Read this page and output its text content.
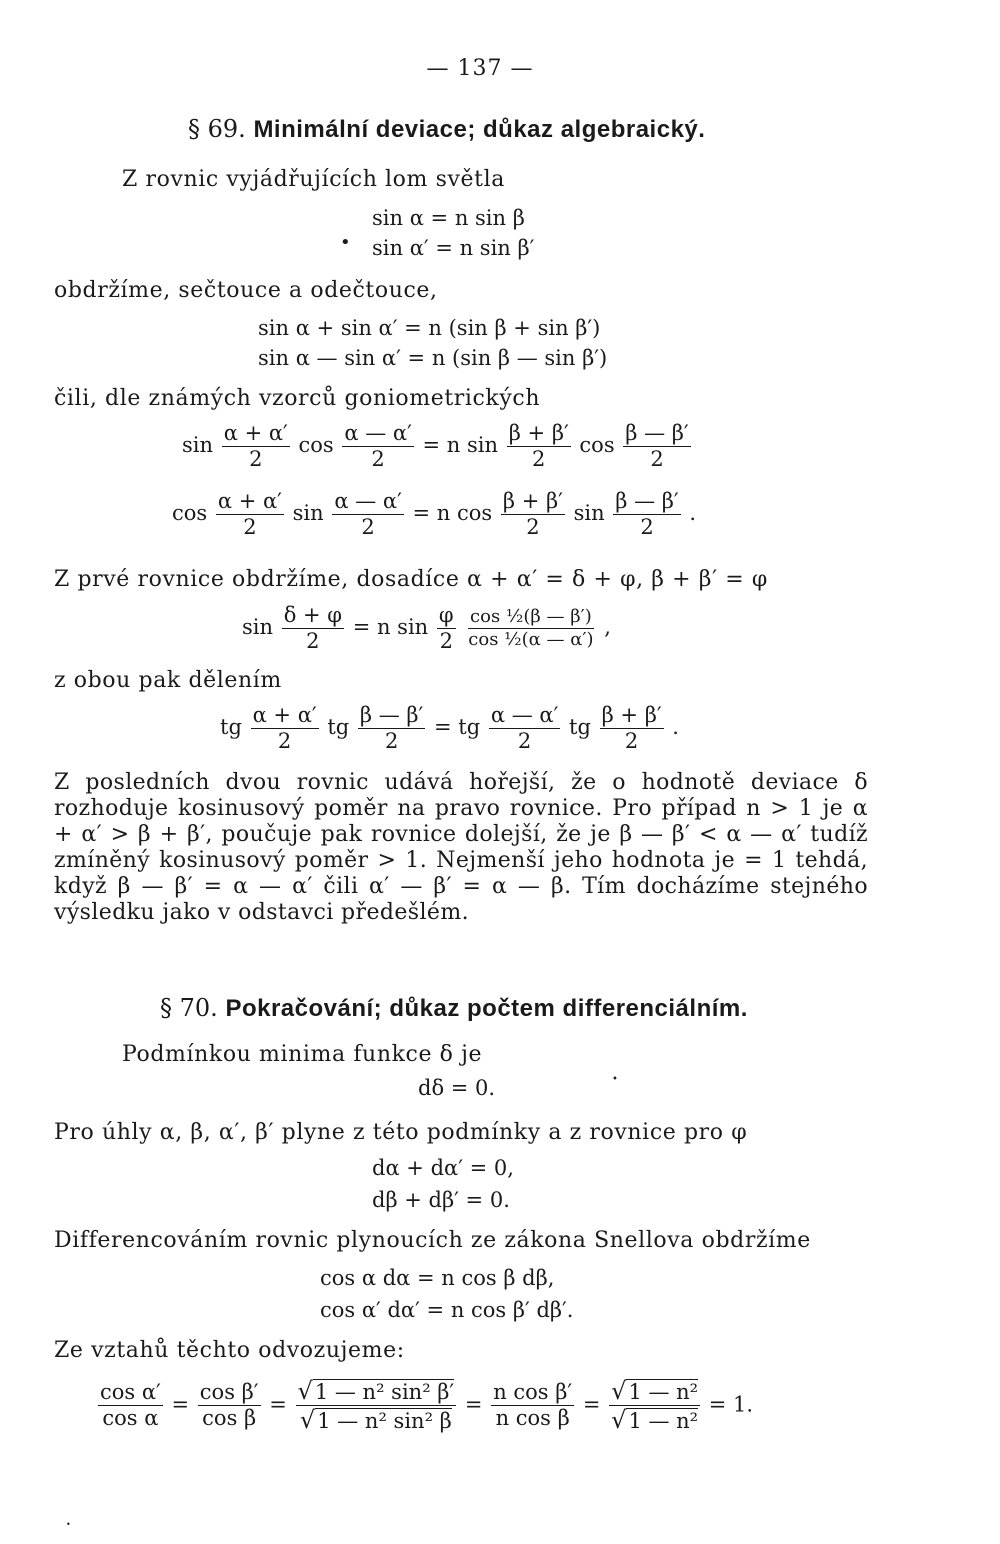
— 137 —
§ 69. Minimální deviace; důkaz algebraický.
Z rovnic vyjádřujících lom světla
sin α = n sin β
sin α′ = n sin β′
obdržíme, sečtouce a odečtouce,
sin α + sin α′ = n (sin β + sin β′)
sin α — sin α′ = n (sin β — sin β′)
čili, dle známých vzorců goniometrických
$\sin \frac{\alpha + \alpha'}{2}$ $\cos \frac{\alpha — \alpha'}{2} = n$ $\sin \frac{\beta + \beta'}{2}$ $\cos \frac{\beta — \beta'}{2}$
$\cos \frac{\alpha + \alpha'}{2}$ $\sin \frac{\alpha — \alpha'}{2} = n$ $\cos \frac{\beta + \beta'}{2}$ $\sin \frac{\beta — \beta'}{2}$ .
Z prvé rovnice obdržíme, dosadíce α + α′ = δ + φ, β + β′ = φ
$\sin \frac{\delta + \varphi}{2} = n$ $\sin \frac{\varphi}{2}$
$\frac{\text{cos ½(β — β′)}}{\text{cos ½(α — α′)}}$ ,
z obou pak dělením
tg $\frac{\alpha + \alpha'}{2}$ tg $\frac{\beta — \beta'}{2}$ = tg $\frac{\alpha — \alpha'}{2}$ tg $\frac{\beta + \beta'}{2}$ .
Z posledních dvou rovnic udává hořejší, že o hodnotě deviace δ rozhoduje kosinusový poměr na pravo rovnice. Pro případ n > 1 je α + α′ > β + β′, poučuje pak rovnice dolejší, že je β — β′ < α — α′ tudíž zmíněný kosinusový poměr > 1. Nejmenší jeho hodnota je = 1 tehdá, když β — β′ = α — α′ čili α′ — β′ = α — β. Tím docházíme stejného výsledku jako v odstavci předešlém.
§ 70. Pokračování; důkaz počtem differenciálním.
Podmínkou minima funkce δ je
dδ = 0.
Pro úhly α, β, α′, β′ plyne z této podmínky a z rovnice pro φ
dα + dα′ = 0,
dβ + dβ′ = 0.
Differencováním rovnic plynoucích ze zákona Snellova obdržíme
cos α dα = n cos β dβ,
cos α′ dα′ = n cos β′ dβ′.
Ze vztahů těchto odvozujeme:
$\frac{\text{cos α′}}{\text{cos α}} = \frac{\text{cos β′}}{\text{cos β}} = \frac{\text{√1 — n² sin² β′}}{\text{√1 — n² sin² β}} = \frac{\text{n cos β′}}{\text{n cos β}} = \frac{\text{√1 — n²}}{\text{√1 — n²}} = 1$.
•
•
•
